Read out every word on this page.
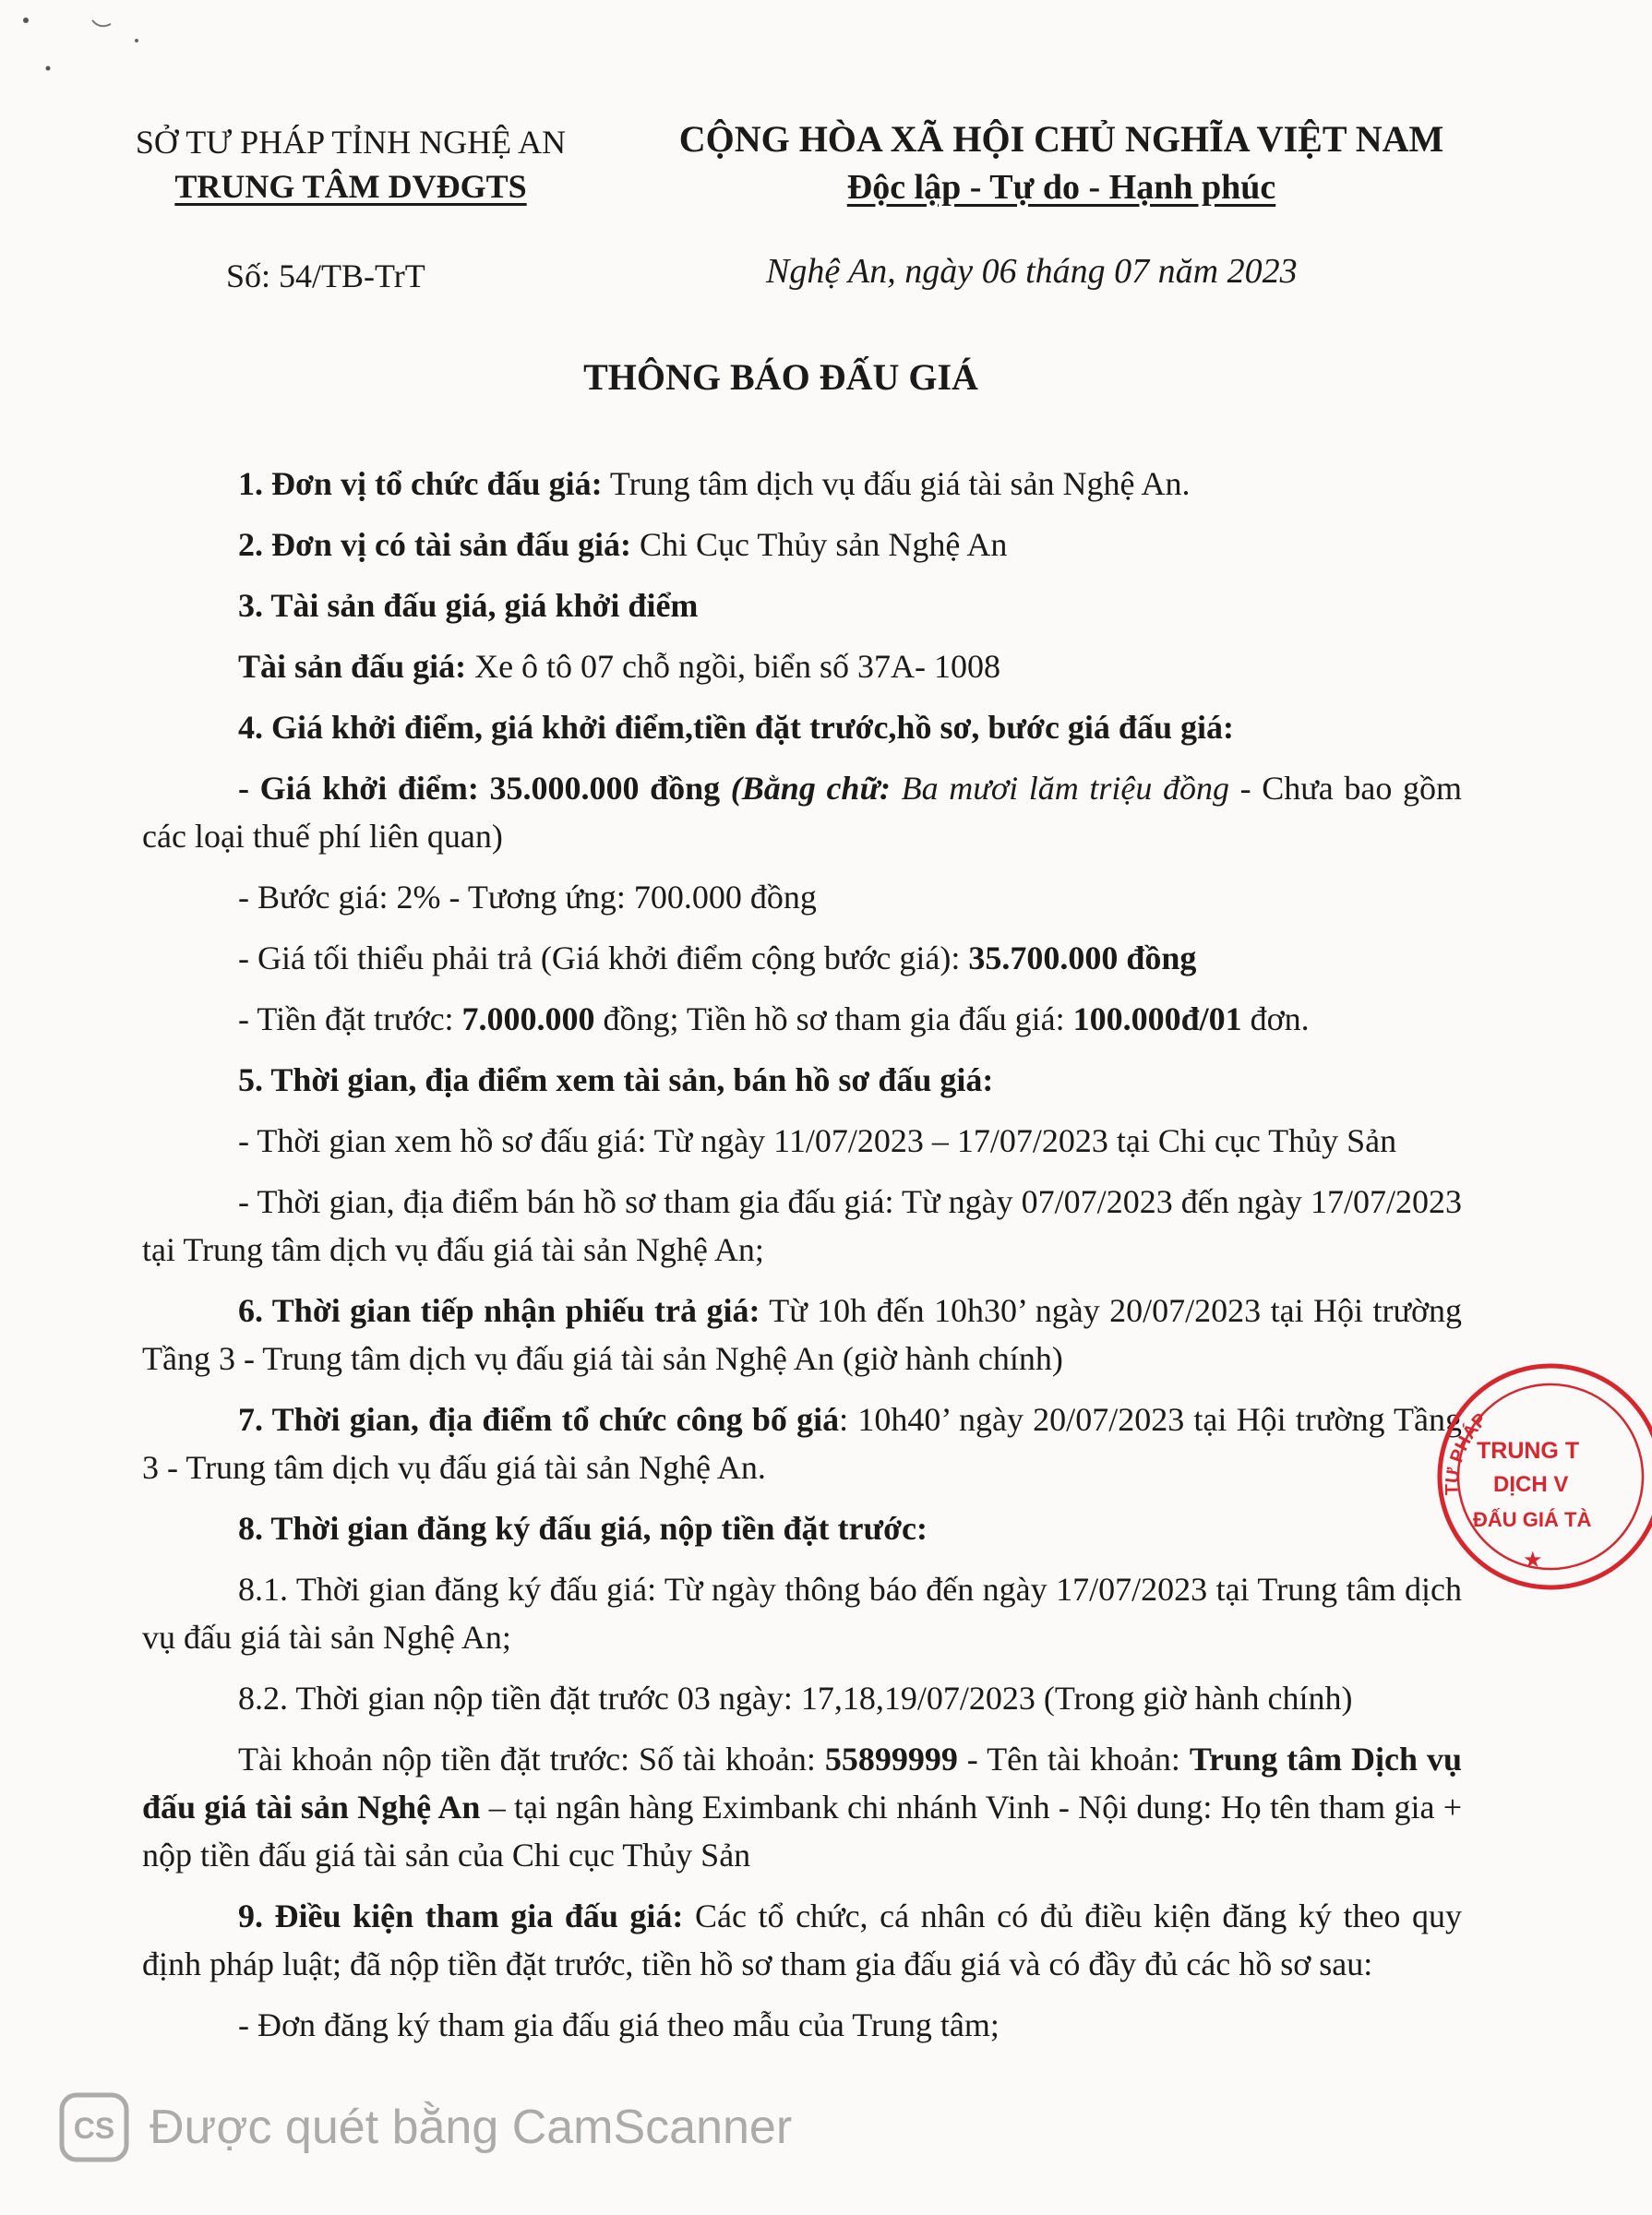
SỞ TƯ PHÁP TỈNH NGHỆ AN
TRUNG TÂM DVĐGTS
CỘNG HÒA XÃ HỘI CHỦ NGHĨA VIỆT NAM
Độc lập - Tự do - Hạnh phúc
Số: 54/TB-TrT	Nghệ An, ngày 06 tháng 07 năm 2023
THÔNG BÁO ĐẤU GIÁ

1. Đơn vị tổ chức đấu giá: Trung tâm dịch vụ đấu giá tài sản Nghệ An.

2. Đơn vị có tài sản đấu giá: Chi Cục Thủy sản Nghệ An

3. Tài sản đấu giá, giá khởi điểm

Tài sản đấu giá: Xe ô tô 07 chỗ ngồi, biển số 37A- 1008

4. Giá khởi điểm, giá khởi điểm,tiền đặt trước,hồ sơ, bước giá đấu giá:

- Giá khởi điểm: 35.000.000 đồng (Bằng chữ: Ba mươi lăm triệu đồng - Chưa bao gồm các loại thuế phí liên quan)

- Bước giá: 2% - Tương ứng: 700.000 đồng

- Giá tối thiểu phải trả (Giá khởi điểm cộng bước giá): 35.700.000 đồng

- Tiền đặt trước: 7.000.000 đồng; Tiền hồ sơ tham gia đấu giá: 100.000đ/01 đơn.

5. Thời gian, địa điểm xem tài sản, bán hồ sơ đấu giá:

- Thời gian xem hồ sơ đấu giá: Từ ngày 11/07/2023 – 17/07/2023 tại Chi cục Thủy Sản

- Thời gian, địa điểm bán hồ sơ tham gia đấu giá: Từ ngày 07/07/2023 đến ngày 17/07/2023 tại Trung tâm dịch vụ đấu giá tài sản Nghệ An;

6. Thời gian tiếp nhận phiếu trả giá: Từ 10h đến 10h30’ ngày 20/07/2023 tại Hội trường Tầng 3 - Trung tâm dịch vụ đấu giá tài sản Nghệ An (giờ hành chính)

7. Thời gian, địa điểm tổ chức công bố giá: 10h40’ ngày 20/07/2023 tại Hội trường Tầng 3 - Trung tâm dịch vụ đấu giá tài sản Nghệ An.

8. Thời gian đăng ký đấu giá, nộp tiền đặt trước:

8.1. Thời gian đăng ký đấu giá: Từ ngày thông báo đến ngày 17/07/2023 tại Trung tâm dịch vụ đấu giá tài sản Nghệ An;

8.2. Thời gian nộp tiền đặt trước 03 ngày: 17,18,19/07/2023 (Trong giờ hành chính)

Tài khoản nộp tiền đặt trước: Số tài khoản: 55899999 - Tên tài khoản: Trung tâm Dịch vụ đấu giá tài sản Nghệ An – tại ngân hàng Eximbank chi nhánh Vinh - Nội dung: Họ tên tham gia + nộp tiền đấu giá tài sản của Chi cục Thủy Sản

9. Điều kiện tham gia đấu giá: Các tổ chức, cá nhân có đủ điều kiện đăng ký theo quy định pháp luật; đã nộp tiền đặt trước, tiền hồ sơ tham gia đấu giá và có đầy đủ các hồ sơ sau:

- Đơn đăng ký tham gia đấu giá theo mẫu của Trung tâm;

TƯ PHÁP
TRUNG T
DỊCH V
ĐẤU GIÁ TÀ
★
CS Được quét bằng CamScanner
